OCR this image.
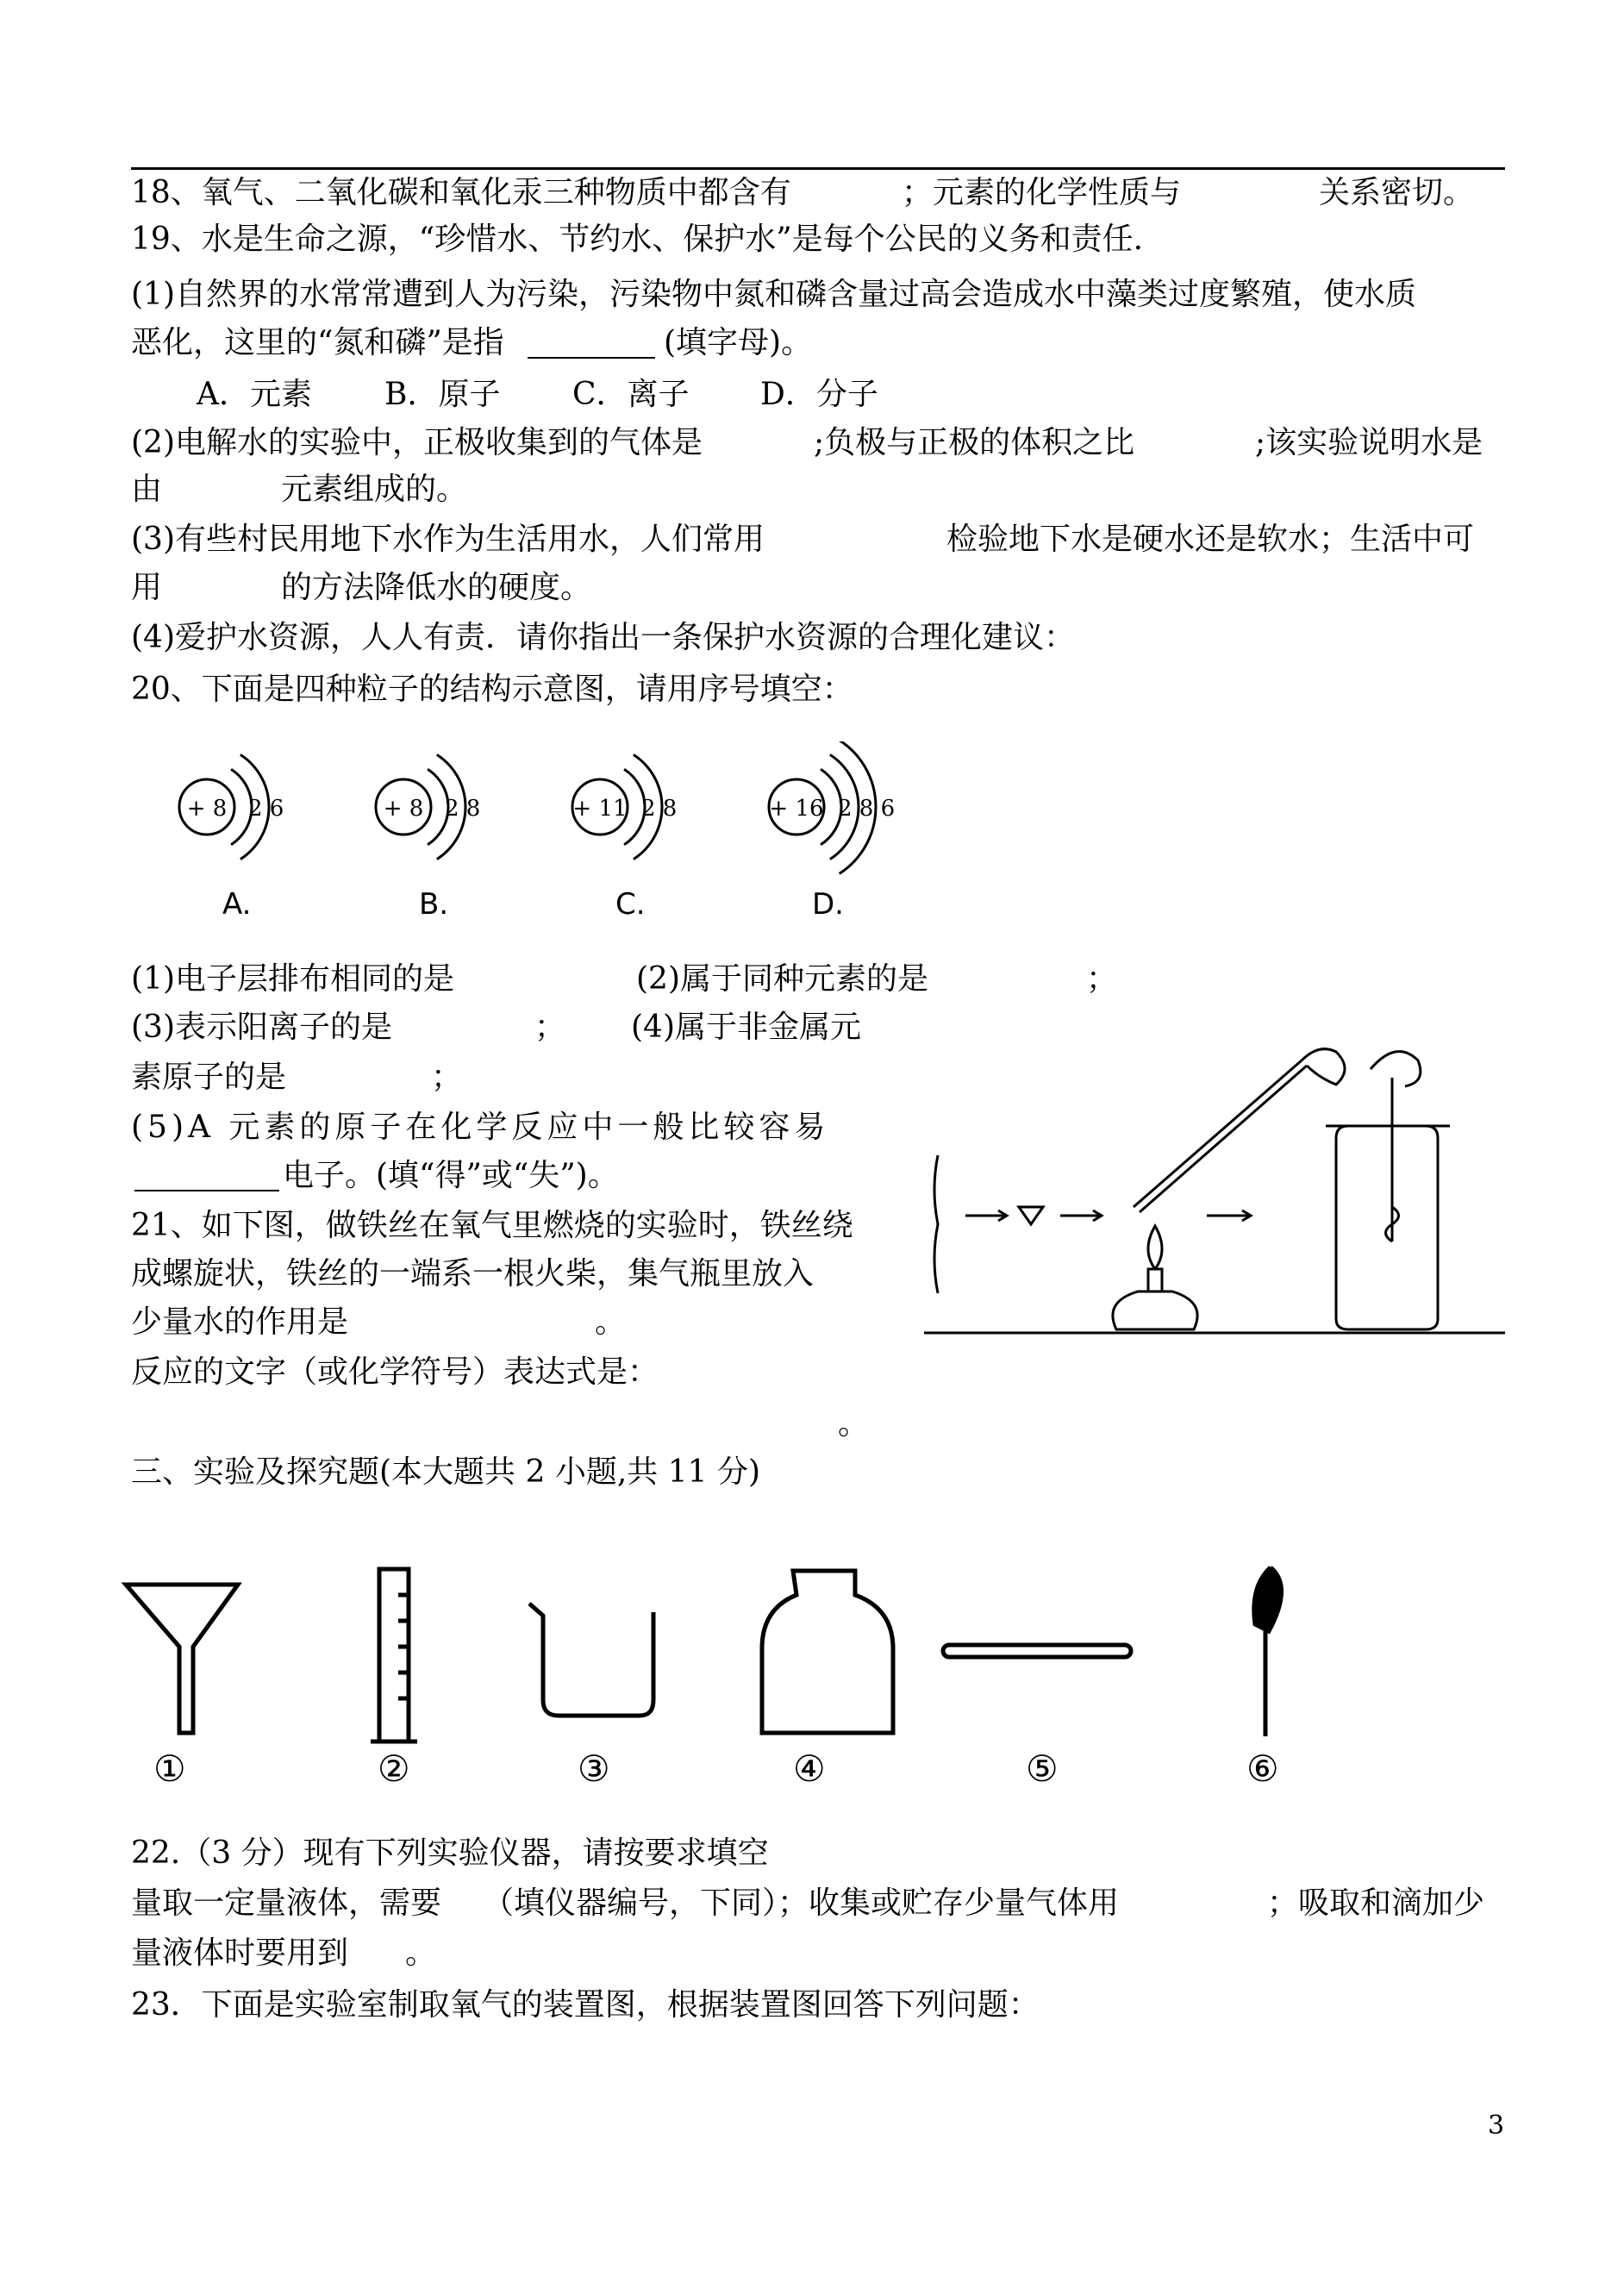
18、氧气、二氧化碳和氧化汞三种物质中都含有	；元素的化学性质与	关系密切。
19、水是生命之源，“珍惜水、节约水、保护水”是每个公民的义务和责任.
(1)自然界的水常常遭到人为污染，污染物中氮和磷含量过高会造成水中藻类过度繁殖，使水质
恶化，这里的“氮和磷”是指	(填字母)。
A．元素 B．原子 C．离子 D．分子
(2)电解水的实验中，正极收集到的气体是	;负极与正极的体积之比	;该实验说明水是
由	元素组成的。
(3)有些村民用地下水作为生活用水，人们常用	检验地下水是硬水还是软水；生活中可
用	的方法降低水的硬度。
(4)爱护水资源，人人有责．请你指出一条保护水资源的合理化建议：
20、下面是四种粒子的结构示意图，请用序号填空：
+ 8 2 6
A.
+ 8 2 8
B.
+ 11 2 8
C.
+ 16 2 8 6
D.
(1)电子层排布相同的是	(2)属于同种元素的是	；
(3)表示阳离子的是	； (4)属于非金属元
素原子的是	；
(5)A 元素的原子在化学反应中一般比较容易
电子。(填“得”或“失”)。
21、如下图，做铁丝在氧气里燃烧的实验时，铁丝绕
成螺旋状，铁丝的一端系一根火柴，集气瓶里放入
少量水的作用是	。
反应的文字（或化学符号）表达式是：
。
三、实验及探究题(本大题共 2 小题,共 11 分)
①	②	③	④	⑤	⑥
22.（3 分）现有下列实验仪器，请按要求填空
量取一定量液体，需要 （填仪器编号，下同）；收集或贮存少量气体用	；吸取和滴加少
量液体时要用到 。
23．下面是实验室制取氧气的装置图，根据装置图回答下列问题：
3
